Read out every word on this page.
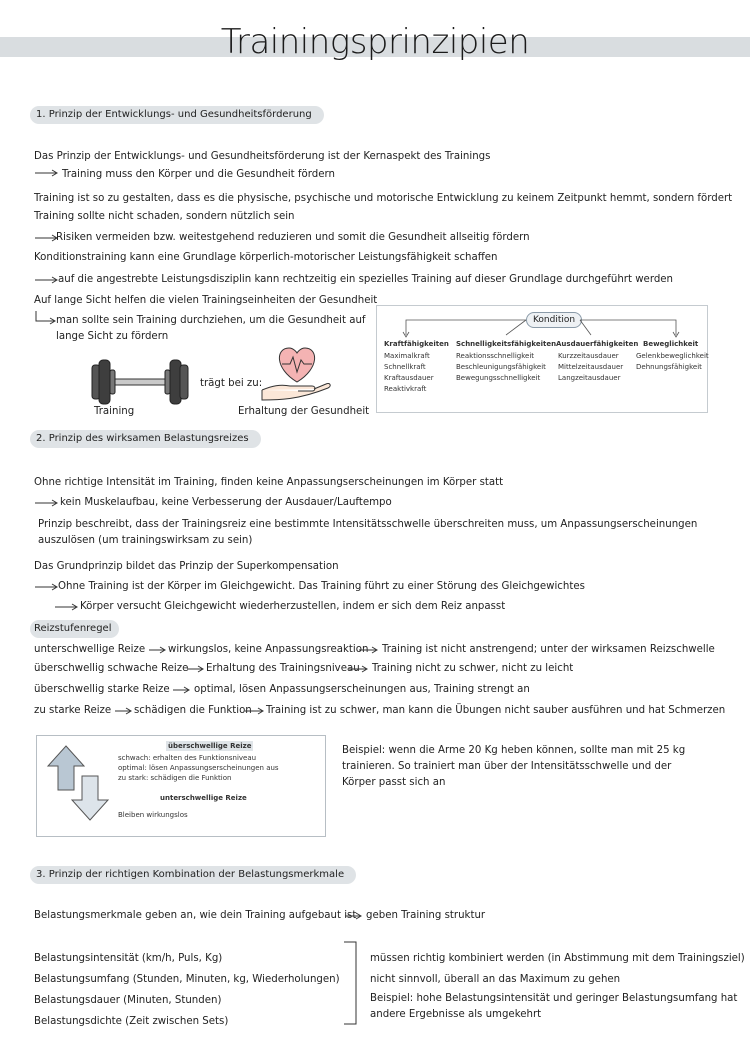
Trainingsprinzipien
1. Prinzip der Entwicklungs- und Gesundheitsförderung
Das Prinzip der Entwicklungs- und Gesundheitsförderung ist der Kernaspekt des Trainings
Training muss den Körper und die Gesundheit fördern
Training ist so zu gestalten, dass es die physische, psychische und motorische Entwicklung zu keinem Zeitpunkt hemmt, sondern fördert
Training sollte nicht schaden, sondern nützlich sein
Risiken vermeiden bzw. weitestgehend reduzieren und somit die Gesundheit allseitig fördern
Konditionstraining kann eine Grundlage körperlich-motorischer Leistungsfähigkeit schaffen
auf die angestrebte Leistungsdisziplin kann rechtzeitig ein spezielles Training auf dieser Grundlage durchgeführt werden
Auf lange Sicht helfen die vielen Trainingseinheiten der Gesundheit
man sollte sein Training durchziehen, um die Gesundheit auf
lange Sicht zu fördern
Training
trägt bei zu:
Erhaltung der Gesundheit
Kondition
Kraftfähigkeiten
Maximalkraft
Schnellkraft
Kraftausdauer
Reaktivkraft
Schnelligkeitsfähigkeiten
Reaktionsschnelligkeit
Beschleunigungsfähigkeit
Bewegungsschnelligkeit
Ausdauerfähigkeiten
Kurzzeitausdauer
Mittelzeitausdauer
Langzeitausdauer
Beweglichkeit
Gelenkbeweglichkeit
Dehnungsfähigkeit
2. Prinzip des wirksamen Belastungsreizes
Ohne richtige Intensität im Training, finden keine Anpassungserscheinungen im Körper statt
kein Muskelaufbau, keine Verbesserung der Ausdauer/Lauftempo
Prinzip beschreibt, dass der Trainingsreiz eine bestimmte Intensitätsschwelle überschreiten muss, um Anpassungserscheinungen
auszulösen (um trainingswirksam zu sein)
Das Grundprinzip bildet das Prinzip der Superkompensation
Ohne Training ist der Körper im Gleichgewicht. Das Training führt zu einer Störung des Gleichgewichtes
Körper versucht Gleichgewicht wiederherzustellen, indem er sich dem Reiz anpasst
Reizstufenregel
unterschwellige Reize wirkungslos, keine Anpassungsreaktion Training ist nicht anstrengend; unter der wirksamen Reizschwelle
überschwellig schwache Reize Erhaltung des Trainingsniveau Training nicht zu schwer, nicht zu leicht
überschwellig starke Reize optimal, lösen Anpassungserscheinungen aus, Training strengt an
zu starke Reize schädigen die Funktion Training ist zu schwer, man kann die Übungen nicht sauber ausführen und hat Schmerzen
überschwellige Reize
schwach: erhalten des Funktionsniveau
optimal: lösen Anpassungserscheinungen aus
zu stark: schädigen die Funktion
unterschwellige Reize
Bleiben wirkungslos
Beispiel: wenn die Arme 20 Kg heben können, sollte man mit 25 kg
trainieren. So trainiert man über der Intensitätsschwelle und der
Körper passt sich an
3. Prinzip der richtigen Kombination der Belastungsmerkmale
Belastungsmerkmale geben an, wie dein Training aufgebaut ist geben Training struktur
Belastungsintensität (km/h, Puls, Kg)
Belastungsumfang (Stunden, Minuten, kg, Wiederholungen)
Belastungsdauer (Minuten, Stunden)
Belastungsdichte (Zeit zwischen Sets)
müssen richtig kombiniert werden (in Abstimmung mit dem Trainingsziel)
nicht sinnvoll, überall an das Maximum zu gehen
Beispiel: hohe Belastungsintensität und geringer Belastungsumfang hat
andere Ergebnisse als umgekehrt
